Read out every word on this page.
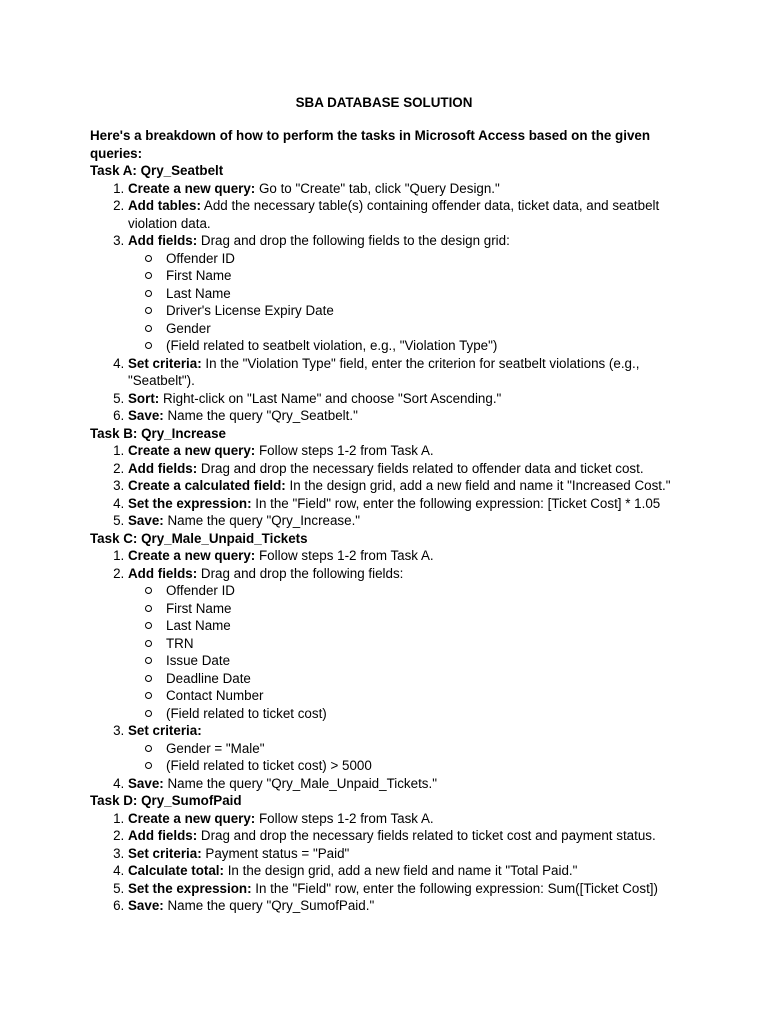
SBA DATABASE SOLUTION

Here's a breakdown of how to perform the tasks in Microsoft Access based on the given queries:

Task A: Qry_Seatbelt
1. Create a new query: Go to "Create" tab, click "Query Design."
2. Add tables: Add the necessary table(s) containing offender data, ticket data, and seatbelt violation data.
3. Add fields: Drag and drop the following fields to the design grid:
Offender ID
First Name
Last Name
Driver's License Expiry Date
Gender
(Field related to seatbelt violation, e.g., "Violation Type")
4. Set criteria: In the "Violation Type" field, enter the criterion for seatbelt violations (e.g., "Seatbelt").
5. Sort: Right-click on "Last Name" and choose "Sort Ascending."
6. Save: Name the query "Qry_Seatbelt."
Task B: Qry_Increase
1. Create a new query: Follow steps 1-2 from Task A.
2. Add fields: Drag and drop the necessary fields related to offender data and ticket cost.
3. Create a calculated field: In the design grid, add a new field and name it "Increased Cost."
4. Set the expression: In the "Field" row, enter the following expression: [Ticket Cost] * 1.05
5. Save: Name the query "Qry_Increase."
Task C: Qry_Male_Unpaid_Tickets
1. Create a new query: Follow steps 1-2 from Task A.
2. Add fields: Drag and drop the following fields:
Offender ID
First Name
Last Name
TRN
Issue Date
Deadline Date
Contact Number
(Field related to ticket cost)
3. Set criteria:
Gender = "Male"
(Field related to ticket cost) > 5000
4. Save: Name the query "Qry_Male_Unpaid_Tickets."
Task D: Qry_SumofPaid
1. Create a new query: Follow steps 1-2 from Task A.
2. Add fields: Drag and drop the necessary fields related to ticket cost and payment status.
3. Set criteria: Payment status = "Paid"
4. Calculate total: In the design grid, add a new field and name it "Total Paid."
5. Set the expression: In the "Field" row, enter the following expression: Sum([Ticket Cost])
6. Save: Name the query "Qry_SumofPaid."
